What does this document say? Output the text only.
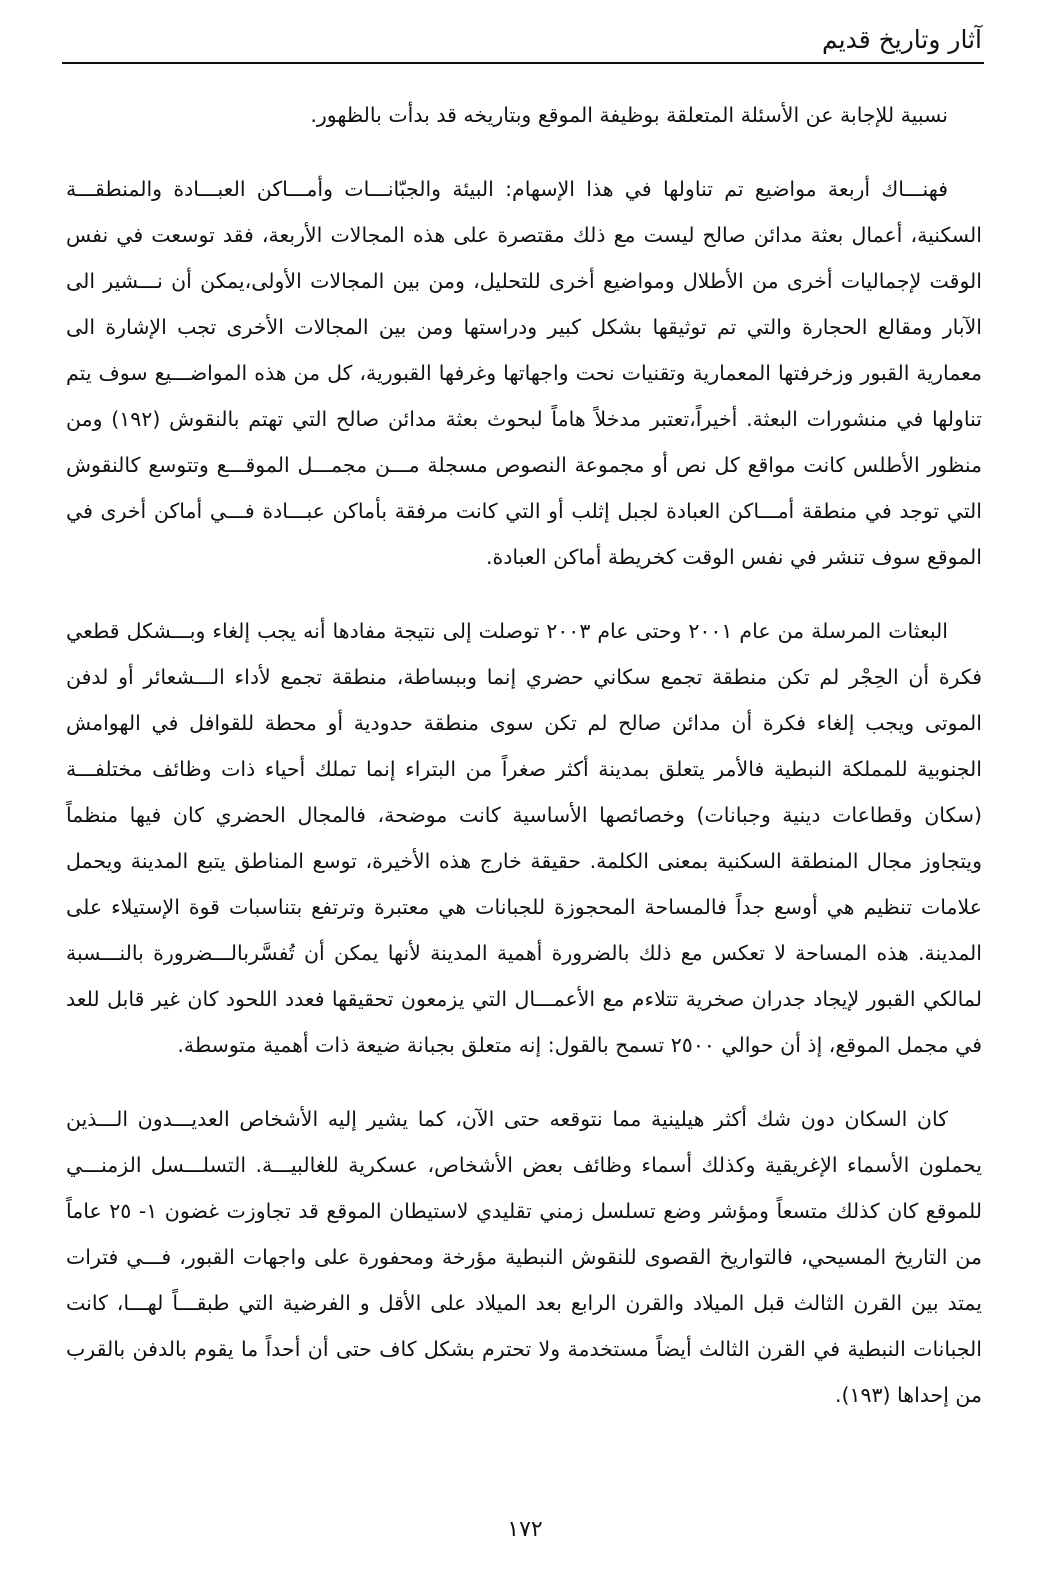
آثار وتاريخ قديم

نسبية للإجابة عن الأسئلة المتعلقة بوظيفة الموقع وبتاريخه قد بدأت بالظهور.

فهنـــاك أربعة مواضيع تم تناولها في هذا الإسهام: البيئة والجبّانـــات وأمـــاكن العبـــادة والمنطقـــة السكنية، أعمال بعثة مدائن صالح ليست مع ذلك مقتصرة على هذه المجالات الأربعة، فقد توسعت في نفس الوقت لإجماليات أخرى من الأطلال ومواضيع أخرى للتحليل، ومن بين المجالات الأولى،يمكن أن نـــشير الى الآبار ومقالع الحجارة والتي تم توثيقها بشكل كبير ودراستها ومن بين المجالات الأخرى تجب الإشارة الى معمارية القبور وزخرفتها المعمارية وتقنيات نحت واجهاتها وغرفها القبورية، كل من هذه المواضـــيع سوف يتم تناولها في منشورات البعثة. أخيراً،تعتبر مدخلاً هاماً لبحوث بعثة مدائن صالح التي تهتم بالنقوش (١٩٢) ومن منظور الأطلس كانت مواقع كل نص أو مجموعة النصوص مسجلة مـــن مجمـــل الموقـــع وتتوسع كالنقوش التي توجد في منطقة أمـــاكن العبادة لجبل إثلب أو التي كانت مرفقة بأماكن عبـــادة فـــي أماكن أخرى في الموقع سوف تنشر في نفس الوقت كخريطة أماكن العبادة.

البعثات المرسلة من عام ٢٠٠١ وحتى عام ٢٠٠٣ توصلت إلى نتيجة مفادها أنه يجب إلغاء وبـــشكل قطعي فكرة أن الحِجْر لم تكن منطقة تجمع سكاني حضري إنما وببساطة، منطقة تجمع لأداء الـــشعائر أو لدفن الموتى ويجب إلغاء فكرة أن مدائن صالح لم تكن سوى منطقة حدودية أو محطة للقوافل في الهوامش الجنوبية للمملكة النبطية فالأمر يتعلق بمدينة أكثر صغراً من البتراء إنما تملك أحياء ذات وظائف مختلفـــة (سكان وقطاعات دينية وجبانات) وخصائصها الأساسية كانت موضحة، فالمجال الحضري كان فيها منظماً ويتجاوز مجال المنطقة السكنية بمعنى الكلمة. حقيقة خارج هذه الأخيرة، توسع المناطق يتبع المدينة ويحمل علامات تنظيم هي أوسع جداً فالمساحة المحجوزة للجبانات هي معتبرة وترتفع بتناسبات قوة الإستيلاء على المدينة. هذه المساحة لا تعكس مع ذلك بالضرورة أهمية المدينة لأنها يمكن أن تُفسَّربالـــضرورة بالنـــسبة لمالكي القبور لإيجاد جدران صخرية تتلاءم مع الأعمـــال التي يزمعون تحقيقها فعدد اللحود كان غير قابل للعد في مجمل الموقع، إذ أن حوالي ٢٥٠٠ تسمح بالقول: إنه متعلق بجبانة ضيعة ذات أهمية متوسطة.

كان السكان دون شك أكثر هيلينية مما نتوقعه حتى الآن، كما يشير إليه الأشخاص العديـــدون الـــذين يحملون الأسماء الإغريقية وكذلك أسماء وظائف بعض الأشخاص، عسكرية للغالبيـــة. التسلـــسل الزمنـــي للموقع كان كذلك متسعاً ومؤشر وضع تسلسل زمني تقليدي لاستيطان الموقع قد تجاوزت غضون ١- ٢٥ عاماً من التاريخ المسيحي، فالتواريخ القصوى للنقوش النبطية مؤرخة ومحفورة على واجهات القبور، فـــي فترات يمتد بين القرن الثالث قبل الميلاد والقرن الرابع بعد الميلاد على الأقل و الفرضية التي طبقـــاً لهـــا، كانت الجبانات النبطية في القرن الثالث أيضاً مستخدمة ولا تحترم بشكل كاف حتى أن أحداً ما يقوم بالدفن بالقرب من إحداها (١٩٣).

١٧٢
